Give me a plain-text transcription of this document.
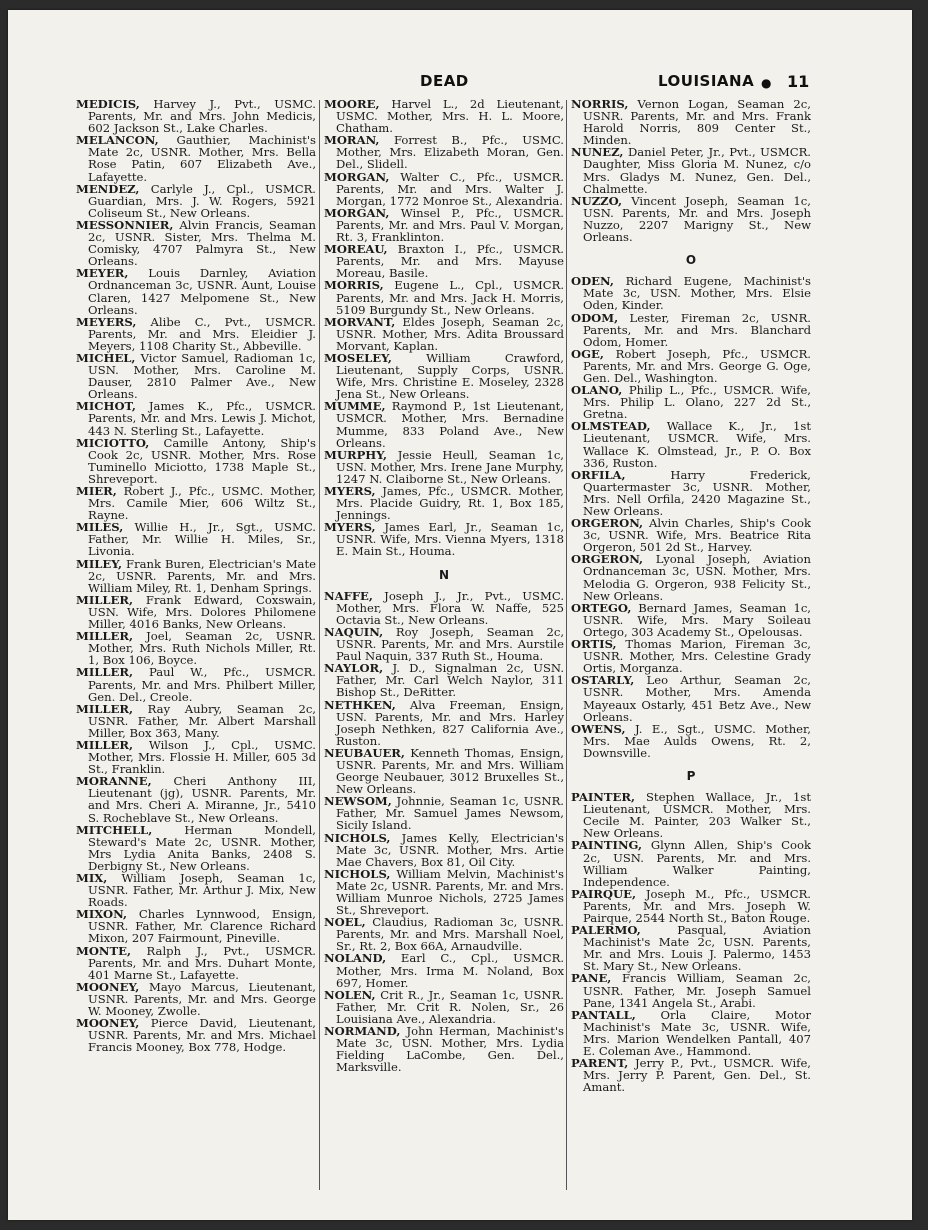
DEAD	LOUISIANA ● 11

MEDICIS, Harvey J., Pvt., USMC. Parents, Mr. and Mrs. John Medicis, 602 Jackson St., Lake Charles.

MELANCON, Gauthier, Machinist's Mate 2c, USNR. Mother, Mrs. Bella Rose Patin, 607 Elizabeth Ave., Lafayette.

MENDEZ, Carlyle J., Cpl., USMCR. Guardian, Mrs. J. W. Rogers, 5921 Coliseum St., New Orleans.

MESSONNIER, Alvin Francis, Seaman 2c, USNR. Sister, Mrs. Thelma M. Comisky, 4707 Palmyra St., New Orleans.

MEYER, Louis Darnley, Aviation Ordnanceman 3c, USNR. Aunt, Louise Claren, 1427 Melpomene St., New Orleans.

MEYERS, Alibe C., Pvt., USMCR. Parents, Mr. and Mrs. Eleidier J. Meyers, 1108 Charity St., Abbeville.

MICHEL, Victor Samuel, Radioman 1c, USN. Mother, Mrs. Caroline M. Dauser, 2810 Palmer Ave., New Orleans.

MICHOT, James K., Pfc., USMCR. Parents, Mr. and Mrs. Lewis J. Michot, 443 N. Sterling St., Lafayette.

MICIOTTO, Camille Antony, Ship's Cook 2c, USNR. Mother, Mrs. Rose Tuminello Miciotto, 1738 Maple St., Shreveport.

MIER, Robert J., Pfc., USMC. Mother, Mrs. Camile Mier, 606 Wiltz St., Rayne.

MILES, Willie H., Jr., Sgt., USMC. Father, Mr. Willie H. Miles, Sr., Livonia.

MILEY, Frank Buren, Electrician's Mate 2c, USNR. Parents, Mr. and Mrs. William Miley, Rt. 1, Denham Springs.

MILLER, Frank Edward, Coxswain, USN. Wife, Mrs. Dolores Philomene Miller, 4016 Banks, New Orleans.

MILLER, Joel, Seaman 2c, USNR. Mother, Mrs. Ruth Nichols Miller, Rt. 1, Box 106, Boyce.

MILLER, Paul W., Pfc., USMCR. Parents, Mr. and Mrs. Philbert Miller, Gen. Del., Creole.

MILLER, Ray Aubry, Seaman 2c, USNR. Father, Mr. Albert Marshall Miller, Box 363, Many.

MILLER, Wilson J., Cpl., USMC. Mother, Mrs. Flossie H. Miller, 605 3d St., Franklin.

MORANNE, Cheri Anthony III, Lieutenant (jg), USNR. Parents, Mr. and Mrs. Cheri A. Miranne, Jr., 5410 S. Rocheblave St., New Orleans.

MITCHELL, Herman Mondell, Steward's Mate 2c, USNR. Mother, Mrs Lydia Anita Banks, 2408 S. Derbigny St., New Orleans.

MIX, William Joseph, Seaman 1c, USNR. Father, Mr. Arthur J. Mix, New Roads.

MIXON, Charles Lynnwood, Ensign, USNR. Father, Mr. Clarence Richard Mixon, 207 Fairmount, Pineville.

MONTE, Ralph J., Pvt., USMCR. Parents, Mr. and Mrs. Duhart Monte, 401 Marne St., Lafayette.

MOONEY, Mayo Marcus, Lieutenant, USNR. Parents, Mr. and Mrs. George W. Mooney, Zwolle.

MOONEY, Pierce David, Lieutenant, USNR. Parents, Mr. and Mrs. Michael Francis Mooney, Box 778, Hodge.

MOORE, Harvel L., 2d Lieutenant, USMC. Mother, Mrs. H. L. Moore, Chatham.

MORAN, Forrest B., Pfc., USMC. Mother, Mrs. Elizabeth Moran, Gen. Del., Slidell.

MORGAN, Walter C., Pfc., USMCR. Parents, Mr. and Mrs. Walter J. Morgan, 1772 Monroe St., Alexandria.

MORGAN, Winsel P., Pfc., USMCR. Parents, Mr. and Mrs. Paul V. Morgan, Rt. 3, Franklinton.

MOREAU, Braxton I., Pfc., USMCR. Parents, Mr. and Mrs. Mayuse Moreau, Basile.

MORRIS, Eugene L., Cpl., USMCR. Parents, Mr. and Mrs. Jack H. Morris, 5109 Burgundy St., New Orleans.

MORVANT, Eldes Joseph, Seaman 2c, USNR. Mother, Mrs. Adita Broussard Morvant, Kaplan.

MOSELEY, William Crawford, Lieutenant, Supply Corps, USNR. Wife, Mrs. Christine E. Moseley, 2328 Jena St., New Orleans.

MUMME, Raymond P., 1st Lieutenant, USMCR. Mother, Mrs. Bernadine Mumme, 833 Poland Ave., New Orleans.

MURPHY, Jessie Heull, Seaman 1c, USN. Mother, Mrs. Irene Jane Murphy, 1247 N. Claiborne St., New Orleans.

MYERS, James, Pfc., USMCR. Mother, Mrs. Placide Guidry, Rt. 1, Box 185, Jennings.

MYERS, James Earl, Jr., Seaman 1c, USNR. Wife, Mrs. Vienna Myers, 1318 E. Main St., Houma.

N

NAFFE, Joseph J., Jr., Pvt., USMC. Mother, Mrs. Flora W. Naffe, 525 Octavia St., New Orleans.

NAQUIN, Roy Joseph, Seaman 2c, USNR. Parents, Mr. and Mrs. Aurstile Paul Naquin, 337 Ruth St., Houma.

NAYLOR, J. D., Signalman 2c, USN. Father, Mr. Carl Welch Naylor, 311 Bishop St., DeRitter.

NETHKEN, Alva Freeman, Ensign, USN. Parents, Mr. and Mrs. Harley Joseph Nethken, 827 California Ave., Ruston.

NEUBAUER, Kenneth Thomas, Ensign, USNR. Parents, Mr. and Mrs. William George Neubauer, 3012 Bruxelles St., New Orleans.

NEWSOM, Johnnie, Seaman 1c, USNR. Father, Mr. Samuel James Newsom, Sicily Island.

NICHOLS, James Kelly, Electrician's Mate 3c, USNR. Mother, Mrs. Artie Mae Chavers, Box 81, Oil City.

NICHOLS, William Melvin, Machinist's Mate 2c, USNR. Parents, Mr. and Mrs. William Munroe Nichols, 2725 James St., Shreveport.

NOEL, Claudius, Radioman 3c, USNR. Parents, Mr. and Mrs. Marshall Noel, Sr., Rt. 2, Box 66A, Arnaudville.

NOLAND, Earl C., Cpl., USMCR. Mother, Mrs. Irma M. Noland, Box 697, Homer.

NOLEN, Crit R., Jr., Seaman 1c, USNR. Father, Mr. Crit R. Nolen, Sr., 26 Louisiana Ave., Alexandria.

NORMAND, John Herman, Machinist's Mate 3c, USN. Mother, Mrs. Lydia Fielding LaCombe, Gen. Del., Marksville.

NORRIS, Vernon Logan, Seaman 2c, USNR. Parents, Mr. and Mrs. Frank Harold Norris, 809 Center St., Minden.

NUNEZ, Daniel Peter, Jr., Pvt., USMCR. Daughter, Miss Gloria M. Nunez, c/o Mrs. Gladys M. Nunez, Gen. Del., Chalmette.

NUZZO, Vincent Joseph, Seaman 1c, USN. Parents, Mr. and Mrs. Joseph Nuzzo, 2207 Marigny St., New Orleans.

O

ODEN, Richard Eugene, Machinist's Mate 3c, USN. Mother, Mrs. Elsie Oden, Kinder.

ODOM, Lester, Fireman 2c, USNR. Parents, Mr. and Mrs. Blanchard Odom, Homer.

OGE, Robert Joseph, Pfc., USMCR. Parents, Mr. and Mrs. George G. Oge, Gen. Del., Washington.

OLANO, Philip L., Pfc., USMCR. Wife, Mrs. Philip L. Olano, 227 2d St., Gretna.

OLMSTEAD, Wallace K., Jr., 1st Lieutenant, USMCR. Wife, Mrs. Wallace K. Olmstead, Jr., P. O. Box 336, Ruston.

ORFILA, Harry Frederick, Quartermaster 3c, USNR. Mother, Mrs. Nell Orfila, 2420 Magazine St., New Orleans.

ORGERON, Alvin Charles, Ship's Cook 3c, USNR. Wife, Mrs. Beatrice Rita Orgeron, 501 2d St., Harvey.

ORGERON, Lyonal Joseph, Aviation Ordnanceman 3c, USN. Mother, Mrs. Melodia G. Orgeron, 938 Felicity St., New Orleans.

ORTEGO, Bernard James, Seaman 1c, USNR. Wife, Mrs. Mary Soileau Ortego, 303 Academy St., Opelousas.

ORTIS, Thomas Marion, Fireman 3c, USNR. Mother, Mrs. Celestine Grady Ortis, Morganza.

OSTARLY, Leo Arthur, Seaman 2c, USNR. Mother, Mrs. Amenda Mayeaux Ostarly, 451 Betz Ave., New Orleans.

OWENS, J. E., Sgt., USMC. Mother, Mrs. Mae Aulds Owens, Rt. 2, Downsville.

P

PAINTER, Stephen Wallace, Jr., 1st Lieutenant, USMCR. Mother, Mrs. Cecile M. Painter, 203 Walker St., New Orleans.

PAINTING, Glynn Allen, Ship's Cook 2c, USN. Parents, Mr. and Mrs. William Walker Painting, Independence.

PAIRQUE, Joseph M., Pfc., USMCR. Parents, Mr. and Mrs. Joseph W. Pairque, 2544 North St., Baton Rouge.

PALERMO, Pasqual, Aviation Machinist's Mate 2c, USN. Parents, Mr. and Mrs. Louis J. Palermo, 1453 St. Mary St., New Orleans.

PANE, Francis William, Seaman 2c, USNR. Father, Mr. Joseph Samuel Pane, 1341 Angela St., Arabi.

PANTALL, Orla Claire, Motor Machinist's Mate 3c, USNR. Wife, Mrs. Marion Wendelken Pantall, 407 E. Coleman Ave., Hammond.

PARENT, Jerry P., Pvt., USMCR. Wife, Mrs. Jerry P. Parent, Gen. Del., St. Amant.
